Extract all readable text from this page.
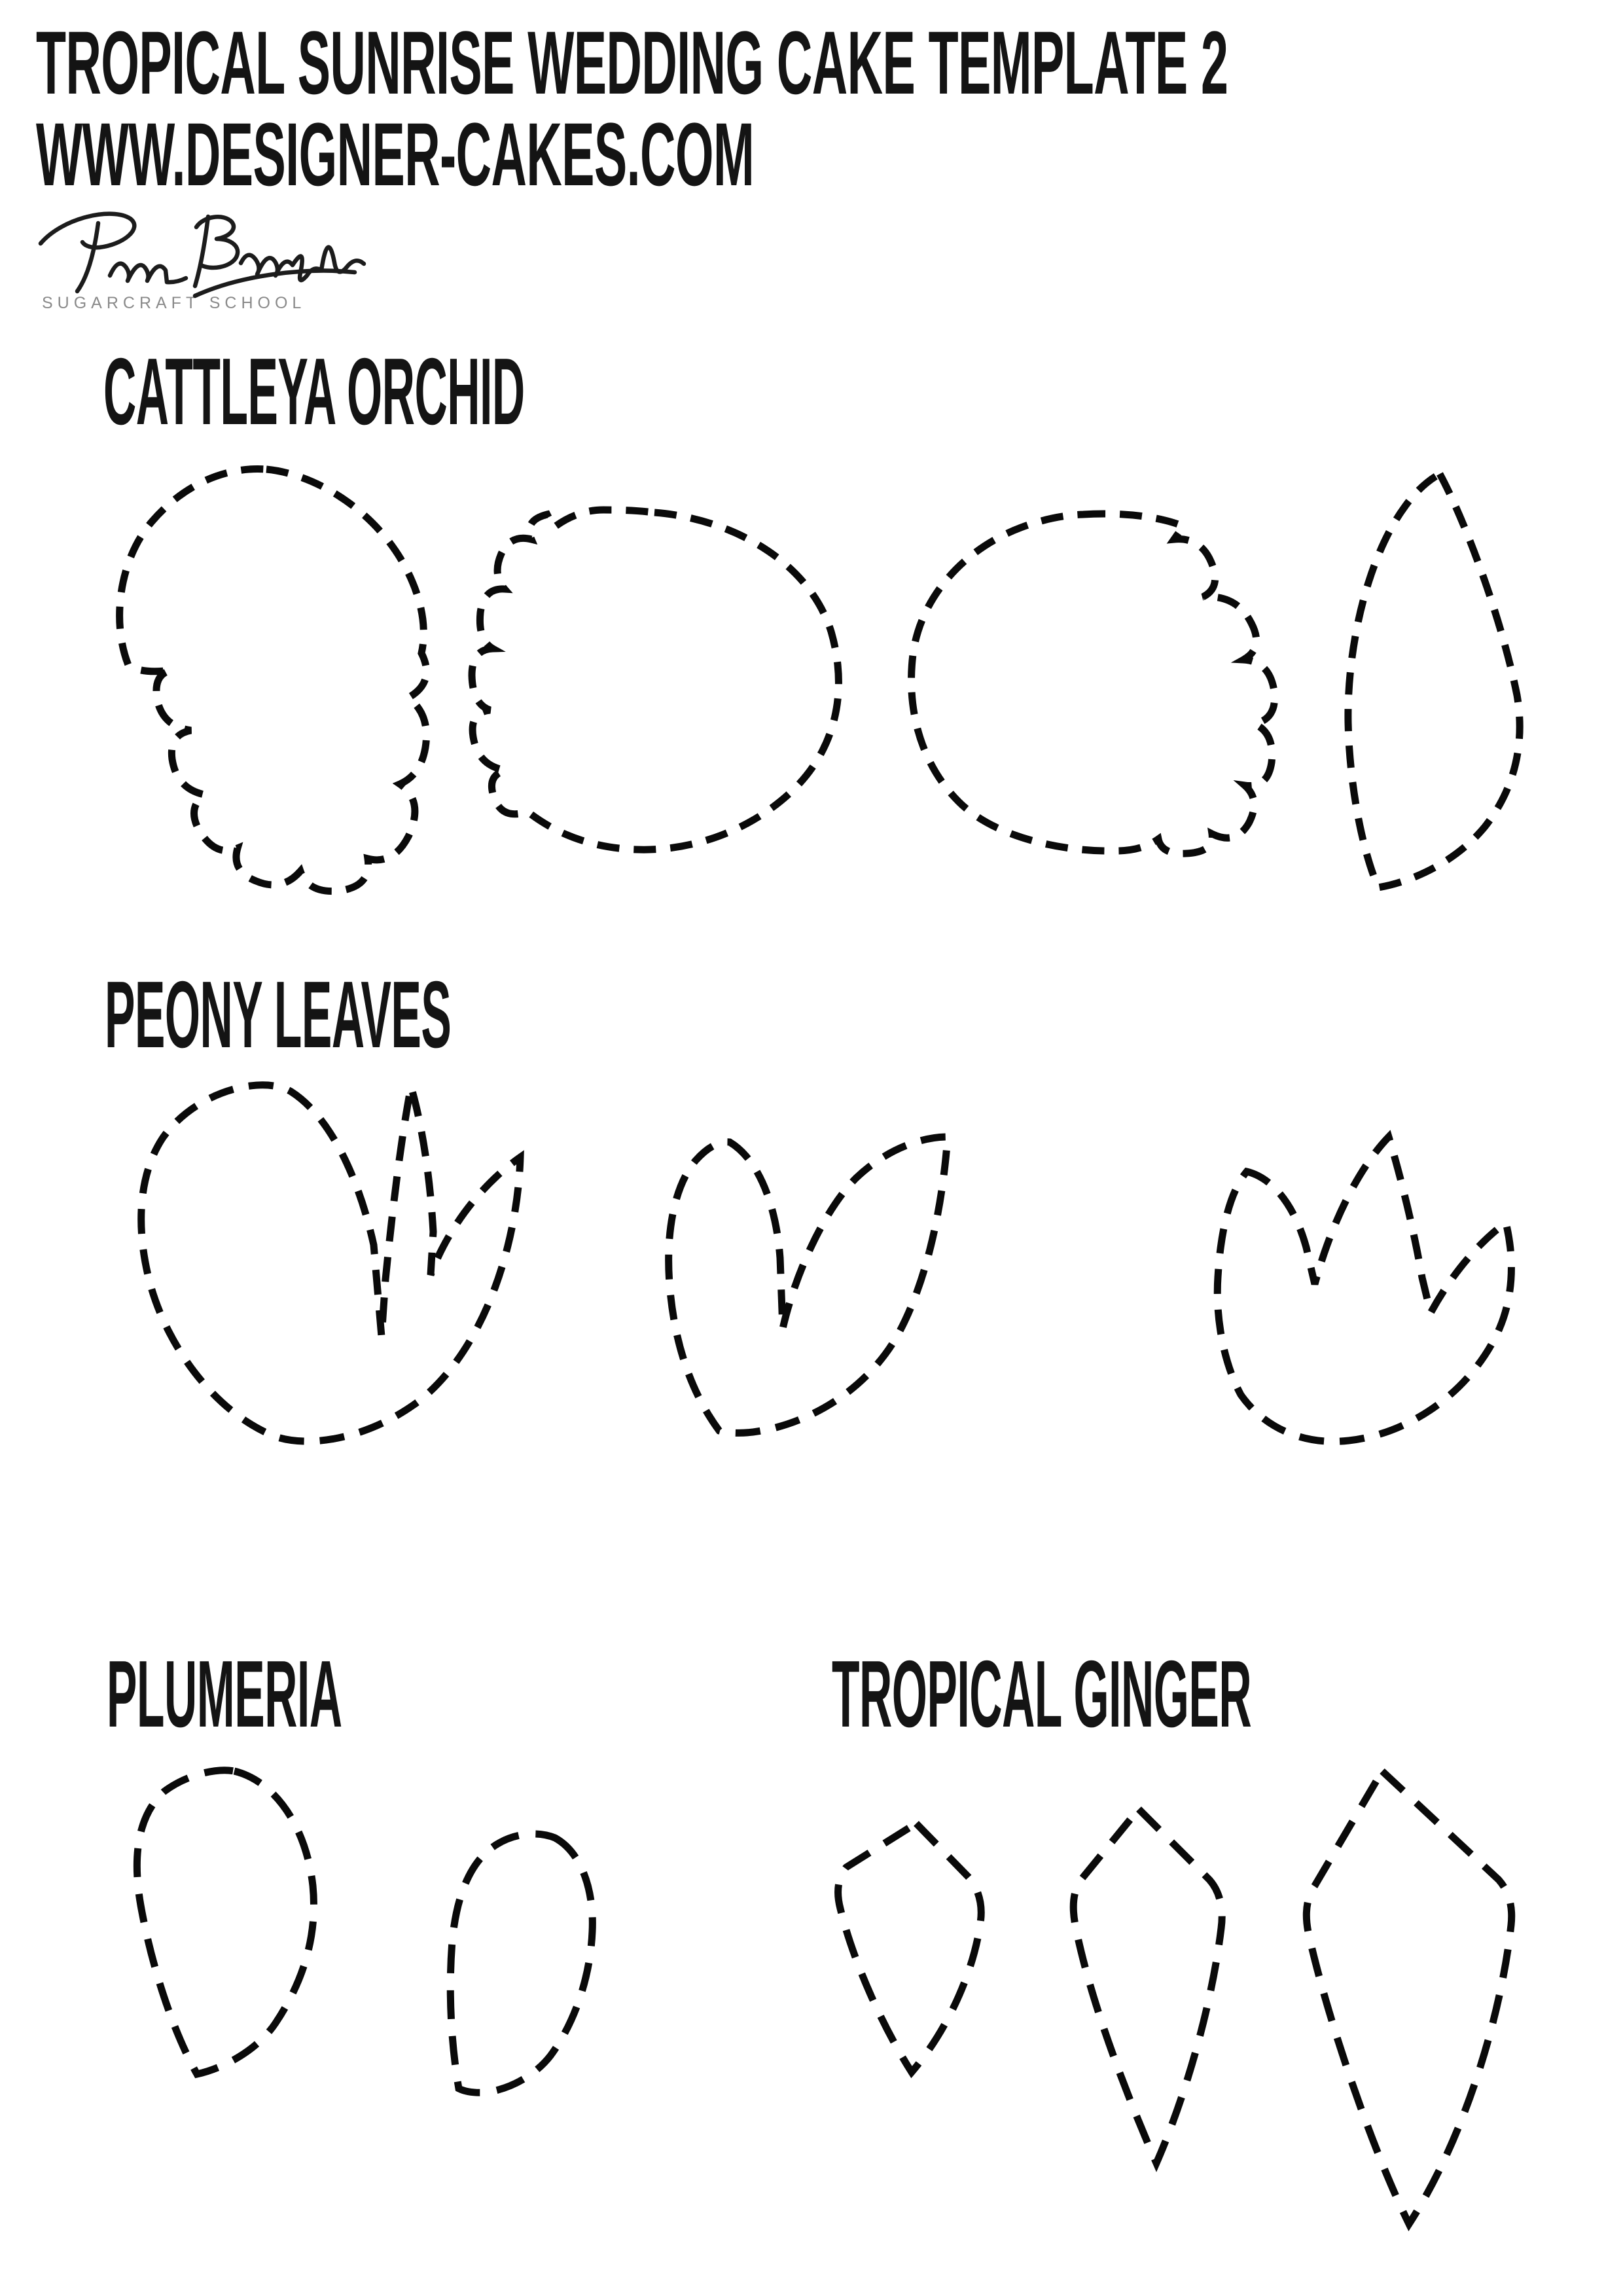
TROPICAL SUNRISE WEDDING CAKE TEMPLATE 2
WWW.DESIGNER-CAKES.COM
SUGARCRAFT SCHOOL
CATTLEYA ORCHID
PEONY LEAVES
PLUMERIA	TROPICAL GINGER
